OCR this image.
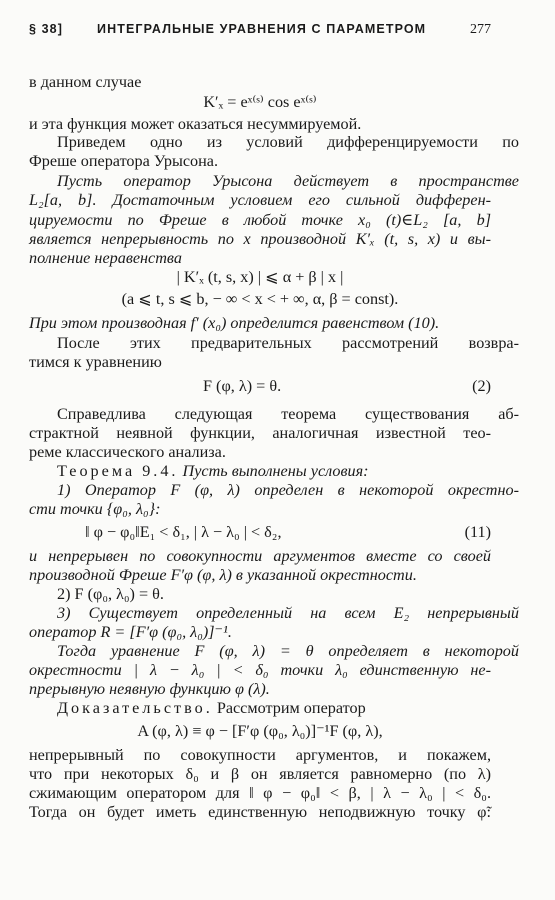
§ 38]	ИНТЕГРАЛЬНЫЕ УРАВНЕНИЯ С ПАРАМЕТРОМ	277
в данном случае
K′ₓ = eˣ⁽ˢ⁾ cos eˣ⁽ˢ⁾
и эта функция может оказаться несуммируемой.
Приведем одно из условий дифференцируемости по
Фреше оператора Урысона.
Пусть оператор Урысона действует в пространстве
L₂[a, b]. Достаточным условием его сильной дифферен-
цируемости по Фреше в любой точке x₀ (t)∈L₂ [a, b]
является непрерывность по x производной K′ₓ (t, s, x) и вы-
полнение неравенства
| K′ₓ (t, s, x) | ⩽ α + β | x |
(a ⩽ t, s ⩽ b, − ∞ < x < + ∞, α, β = const).
При этом производная f′ (x₀) определится равенством (10).
После этих предварительных рассмотрений возвра-
тимся к уравнению
F (φ, λ) = θ.	(2)
Справедлива следующая теорема существования аб-
страктной неявной функции, аналогичная известной тео-
реме классического анализа.
Теорема 9.4. Пусть выполнены условия:
1) Оператор F (φ, λ) определен в некоторой окрестно-
сти точки {φ₀, λ₀}:
‖ φ − φ₀‖E₁ < δ₁, | λ − λ₀ | < δ₂,	(11)
и непрерывен по совокупности аргументов вместе со своей
производной Фреше F′φ (φ, λ) в указанной окрестности.
2) F (φ₀, λ₀) = θ.
3) Существует определенный на всем E₂ непрерывный
оператор R = [F′φ (φ₀, λ₀)]⁻¹.
Тогда уравнение F (φ, λ) = θ определяет в некоторой
окрестности | λ − λ₀ | < δ₀ точки λ₀ единственную не-
прерывную неявную функцию φ (λ).
Доказательство. Рассмотрим оператор
A (φ, λ) ≡ φ − [F′φ (φ₀, λ₀)]⁻¹F (φ, λ),
непрерывный по совокупности аргументов, и покажем,
что при некоторых δ₀ и β он является равномерно (по λ)
сжимающим оператором для ‖ φ − φ₀‖ < β, | λ − λ₀ | < δ₀.
Тогда он будет иметь единственную неподвижную точку φ̃:
